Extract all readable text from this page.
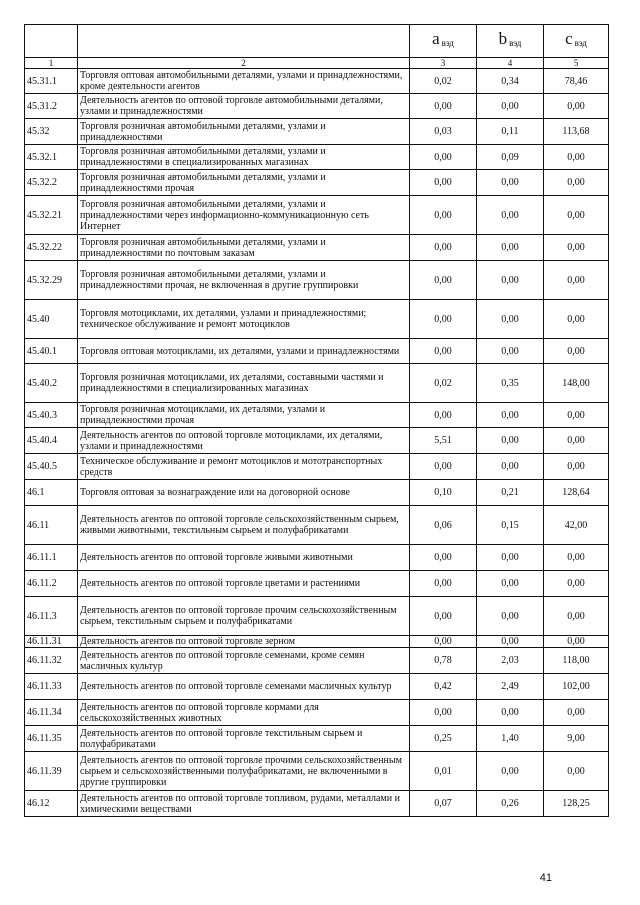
		a $_{вэд}$	b $_{вэд}$	c $_{вэд}$
1	2	3	4	5
45.31.1	Торговля оптовая автомобильными деталями, узлами и принадлежностями, кроме деятельности агентов	0,02	0,34	78,46
45.31.2	Деятельность агентов по оптовой торговле автомобильными деталями, узлами и принадлежностями	0,00	0,00	0,00
45.32	Торговля розничная автомобильными деталями, узлами и принадлежностями	0,03	0,11	113,68
45.32.1	Торговля розничная автомобильными деталями, узлами и принадлежностями в специализированных магазинах	0,00	0,09	0,00
45.32.2	Торговля розничная автомобильными деталями, узлами и принадлежностями прочая	0,00	0,00	0,00
45.32.21	Торговля розничная автомобильными деталями, узлами и принадлежностями через информационно-коммуникационную сеть Интернет	0,00	0,00	0,00
45.32.22	Торговля розничная автомобильными деталями, узлами и принадлежностями по почтовым заказам	0,00	0,00	0,00
45.32.29	Торговля розничная автомобильными деталями, узлами и принадлежностями прочая, не включенная в другие группировки	0,00	0,00	0,00
45.40	Торговля мотоциклами, их деталями, узлами и принадлежностями; техническое обслуживание и ремонт мотоциклов	0,00	0,00	0,00
45.40.1	Торговля оптовая мотоциклами, их деталями, узлами и принадлежностями	0,00	0,00	0,00
45.40.2	Торговля розничная мотоциклами, их деталями, составными частями и принадлежностями в специализированных магазинах	0,02	0,35	148,00
45.40.3	Торговля розничная мотоциклами, их деталями, узлами и принадлежностями прочая	0,00	0,00	0,00
45.40.4	Деятельность агентов по оптовой торговле мотоциклами, их деталями, узлами и принадлежностями	5,51	0,00	0,00
45.40.5	Техническое обслуживание и ремонт мотоциклов и мототранспортных средств	0,00	0,00	0,00
46.1	Торговля оптовая за вознаграждение или на договорной основе	0,10	0,21	128,64
46.11	Деятельность агентов по оптовой торговле сельскохозяйственным сырьем, живыми животными, текстильным сырьем и полуфабрикатами	0,06	0,15	42,00
46.11.1	Деятельность агентов по оптовой торговле живыми животными	0,00	0,00	0,00
46.11.2	Деятельность агентов по оптовой торговле цветами и растениями	0,00	0,00	0,00
46.11.3	Деятельность агентов по оптовой торговле прочим сельскохозяйственным сырьем, текстильным сырьем и полуфабрикатами	0,00	0,00	0,00
46.11.31	Деятельность агентов по оптовой торговле зерном	0,00	0,00	0,00
46.11.32	Деятельность агентов по оптовой торговле семенами, кроме семян масличных культур	0,78	2,03	118,00
46.11.33	Деятельность агентов по оптовой торговле семенами масличных культур	0,42	2,49	102,00
46.11.34	Деятельность агентов по оптовой торговле кормами для сельскохозяйственных животных	0,00	0,00	0,00
46.11.35	Деятельность агентов по оптовой торговле текстильным сырьем и полуфабрикатами	0,25	1,40	9,00
46.11.39	Деятельность агентов по оптовой торговле прочими сельскохозяйственным сырьем и сельскохозяйственными полуфабрикатами, не включенными в другие группировки	0,01	0,00	0,00
46.12	Деятельность агентов по оптовой торговле топливом, рудами, металлами и химическими веществами	0,07	0,26	128,25
41
